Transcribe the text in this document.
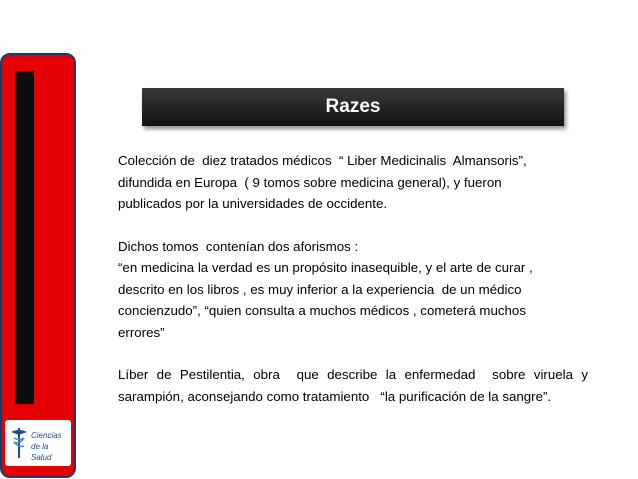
Ciencias
de la Salud
Razes

Colección de  diez tratados médicos  “ Liber Medicinalis  Almansoris”,
difundida en Europa  ( 9 tomos sobre medicina general), y fueron
publicados por la universidades de occidente.

Dichos tomos  contenían dos aforismos :
“en medicina la verdad es un propósito inasequible, y el arte de curar ,
descrito en los libros , es muy inferior a la experiencia  de un médico
concienzudo”, “quien consulta a muchos médicos , cometerá muchos
errores”

Líber de Pestilentia, obra  que describe la enfermedad  sobre viruela y sarampión, aconsejando como tratamiento   “la purificación de la sangre”.
